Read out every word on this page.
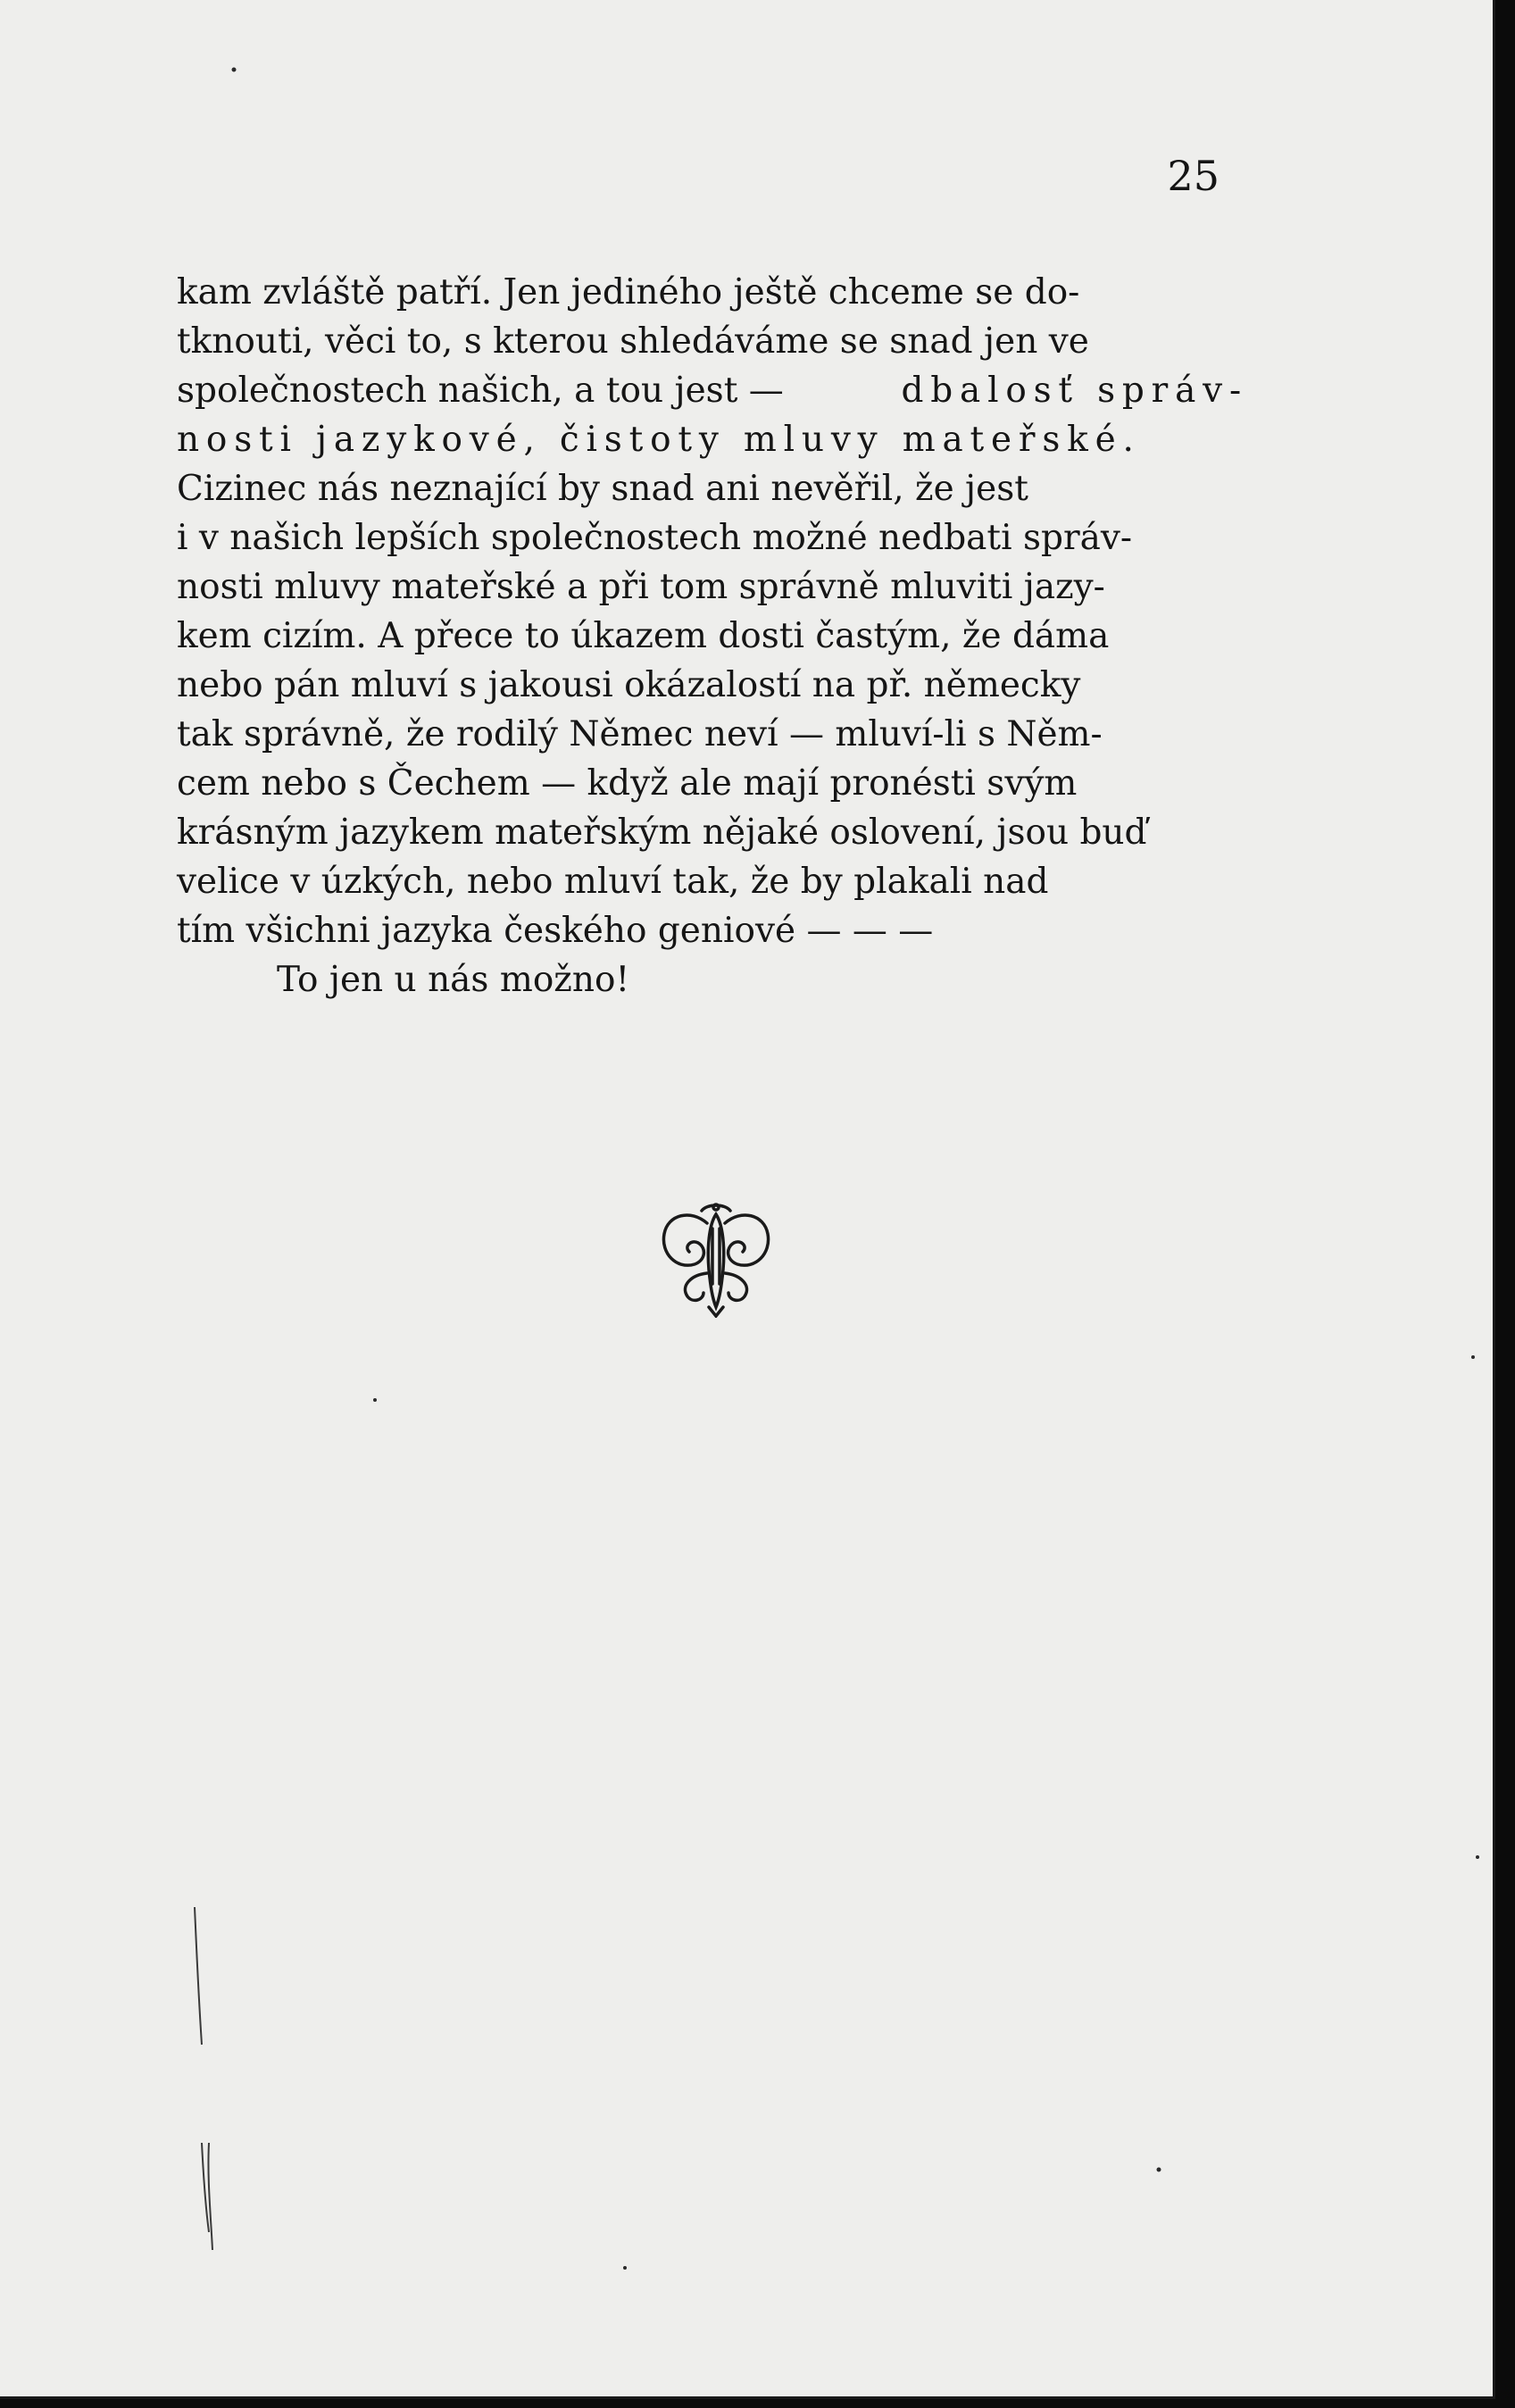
25

kam zvláště patří. Jen jediného ještě chceme se do-
tknouti, věci to, s kterou shledáváme se snad jen ve
společnostech našich, a tou jest —	dbalosť správ-
nosti jazykové, čistoty mluvy mateřské.
Cizinec nás neznající by snad ani nevěřil, že jest
i v našich lepších společnostech možné nedbati správ-
nosti mluvy mateřské a při tom správně mluviti jazy-
kem cizím. A přece to úkazem dosti častým, že dáma
nebo pán mluví s jakousi okázalostí na př. německy
tak správně, že rodilý Němec neví — mluví-li s Něm-
cem nebo s Čechem — když ale mají pronésti svým
krásným jazykem mateřským nějaké oslovení, jsou buď
velice v úzkých, nebo mluví tak, že by plakali nad
tím všichni jazyka českého geniové — — —
To jen u nás možno!
